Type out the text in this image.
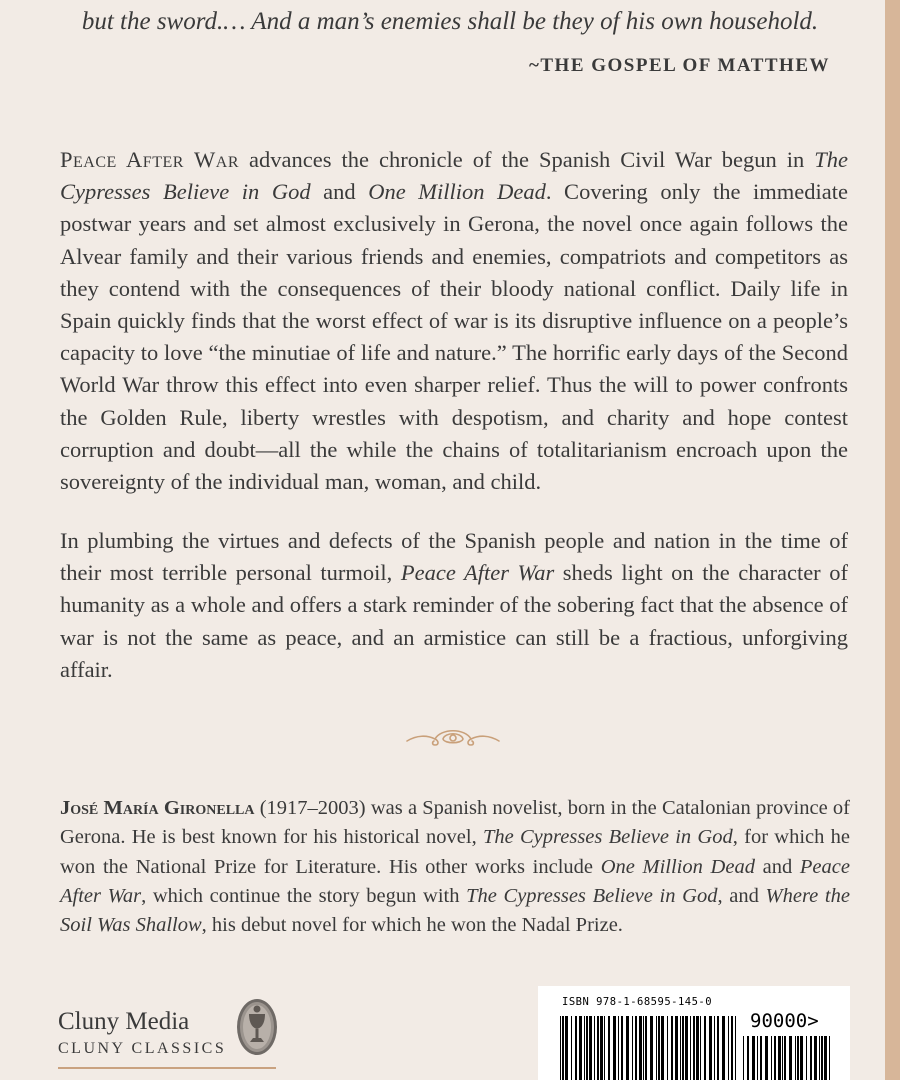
but the sword.… And a man’s enemies shall be they of his own household.
~THE GOSPEL OF MATTHEW

Peace After War advances the chronicle of the Spanish Civil War begun in The Cypresses Believe in God and One Million Dead. Covering only the immediate postwar years and set almost exclusively in Gerona, the novel once again follows the Alvear family and their various friends and enemies, compatriots and competitors as they contend with the consequences of their bloody national conflict. Daily life in Spain quickly finds that the worst effect of war is its disruptive influence on a people’s capacity to love “the minutiae of life and nature.” The horrific early days of the Second World War throw this effect into even sharper relief. Thus the will to power confronts the Golden Rule, liberty wrestles with despotism, and charity and hope contest corruption and doubt—all the while the chains of totalitarianism encroach upon the sovereignty of the individual man, woman, and child.

In plumbing the virtues and defects of the Spanish people and nation in the time of their most terrible personal turmoil, Peace After War sheds light on the character of humanity as a whole and offers a stark reminder of the sobering fact that the absence of war is not the same as peace, and an armistice can still be a fractious, unforgiving affair.

José María Gironella (1917–2003) was a Spanish novelist, born in the Catalonian province of Gerona. He is best known for his historical novel, The Cypresses Believe in God, for which he won the National Prize for Literature. His other works include One Million Dead and Peace After War, which continue the story begun with The Cypresses Believe in God, and Where the Soil Was Shallow, his debut novel for which he won the Nadal Prize.

Cluny Media
CLUNY CLASSICS
ISBN 978-1-68595-145-0
90000>
